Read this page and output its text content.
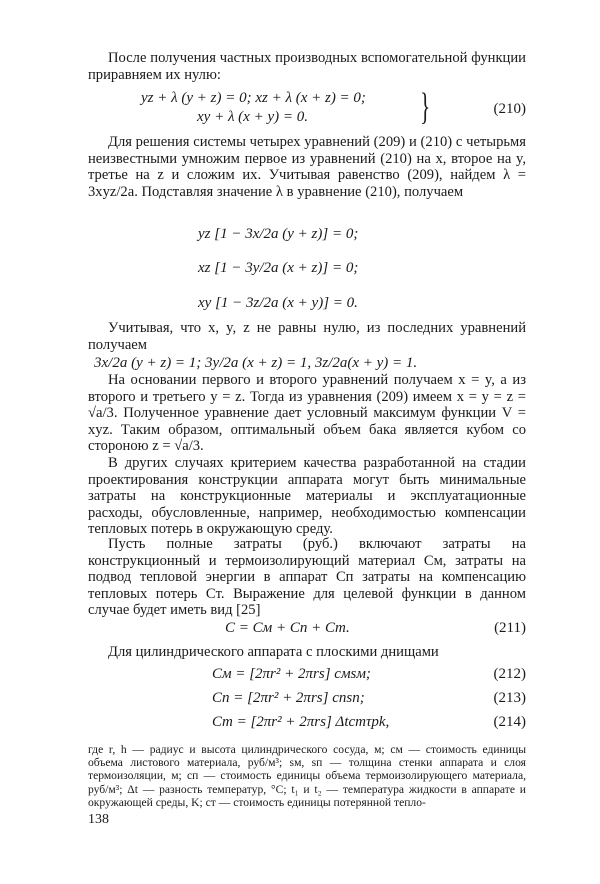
После получения частных производных вспомогательной функции приравняем их нулю:

yz + λ (y + z) = 0; xz + λ (x + z) = 0;
xy + λ (x + y) = 0.	}	(210)

Для решения системы четырех уравнений (209) и (210) с четырьмя неизвестными умножим первое из уравнений (210) на x, второе на y, третье на z и сложим их. Учитывая равенство (209), найдем λ = 3xyz/2a. Подставляя значение λ в уравнение (210), получаем

yz [1 − 3x/2a (y + z)] = 0;
xz [1 − 3y/2a (x + z)] = 0;
xy [1 − 3z/2a (x + y)] = 0.

Учитывая, что x, y, z не равны нулю, из последних уравнений получаем

3x/2a (y + z) = 1; 3y/2a (x + z) = 1, 3z/2a(x + y) = 1.

На основании первого и второго уравнений получаем x = y, а из второго и третьего y = z. Тогда из уравнения (209) имеем x = y = z = √a/3. Полученное уравнение дает условный максимум функции V = xyz. Таким образом, оптимальный объем бака является кубом со стороною z = √a/3.

В других случаях критерием качества разработанной на стадии проектирования конструкции аппарата могут быть минимальные затраты на конструкционные материалы и эксплуатационные расходы, обусловленные, например, необходимостью компенсации тепловых потерь в окружающую среду.

Пусть полные затраты (руб.) включают затраты на конструкционный и термоизолирующий материал Cм, затраты на подвод тепловой энергии в аппарат Cп затраты на компенсацию тепловых потерь Cт. Выражение для целевой функции в данном случае будет иметь вид [25]

C = Cм + Cп + Cт.	(211)

Для цилиндрического аппарата с плоскими днищами

Cм = [2πr² + 2πrs] cмsм;	(212)
Cп = [2πr² + 2πrs] cпsп;	(213)
Cт = [2πr² + 2πrs] Δtcтτрk,	(214)

где r, h — радиус и высота цилиндрического сосуда, м; cм — стоимость единицы объема листового материала, руб/м³; sм, sп — толщина стенки аппарата и слоя термоизоляции, м; cп — стоимость единицы объема термоизолирующего материала, руб/м³; Δt — разность температур, °C; t₁ и t₂ — температура жидкости в аппарате и окружающей среды, K; cт — стоимость единицы потерянной тепло-

138
